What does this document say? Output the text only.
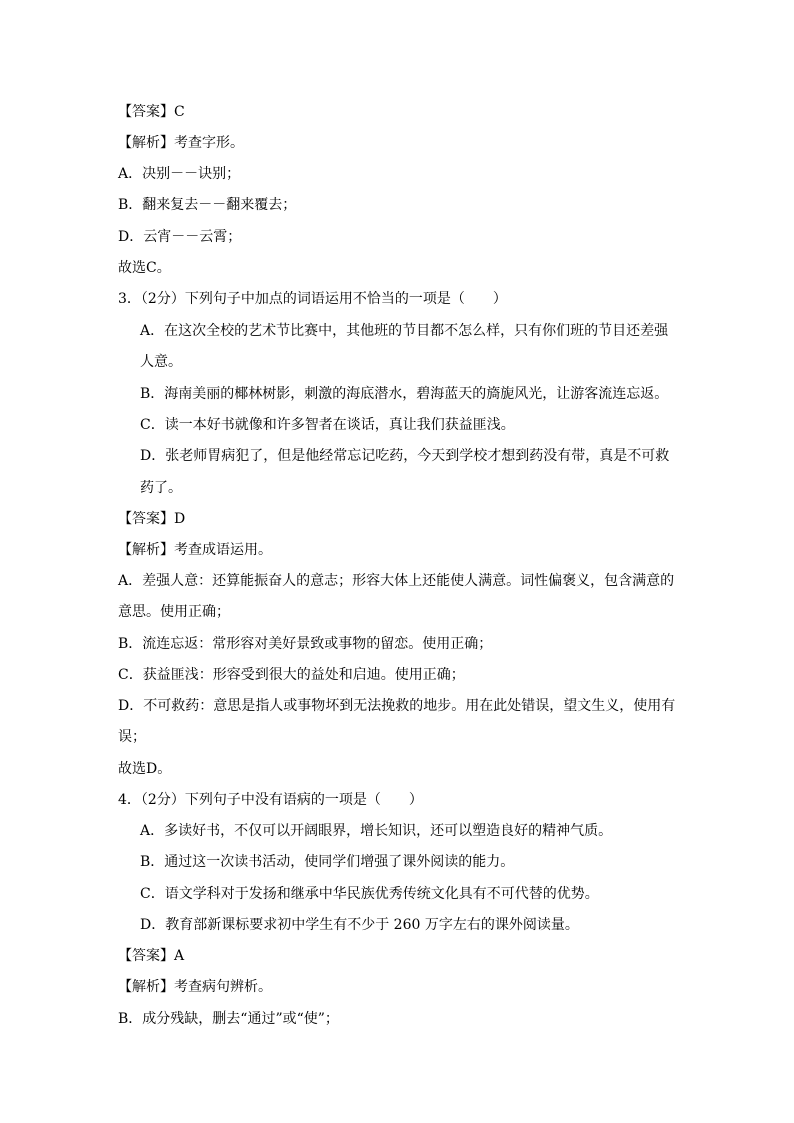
【答案】C
【解析】考查字形。
A．决别－－诀别；
B．翻来复去－－翻来覆去；
D．云宵－－云霄；
故选C。
3．（2分）下列句子中加点的词语运用不恰当的一项是（　　）
A．在这次全校的艺术节比赛中，其他班的节目都不怎么样，只有你们班的节目还差强
人意。
B．海南美丽的椰林树影，刺激的海底潜水，碧海蓝天的旖旎风光，让游客流连忘返。
C．读一本好书就像和许多智者在谈话，真让我们获益匪浅。
D．张老师胃病犯了，但是他经常忘记吃药，今天到学校才想到药没有带，真是不可救
药了。
【答案】D
【解析】考查成语运用。
A．差强人意：还算能振奋人的意志；形容大体上还能使人满意。词性偏褒义，包含满意的
意思。使用正确；
B．流连忘返：常形容对美好景致或事物的留恋。使用正确；
C．获益匪浅：形容受到很大的益处和启迪。使用正确；
D．不可救药：意思是指人或事物坏到无法挽救的地步。用在此处错误，望文生义，使用有
误；
故选D。
4．（2分）下列句子中没有语病的一项是（　　）
A．多读好书，不仅可以开阔眼界，增长知识，还可以塑造良好的精神气质。
B．通过这一次读书活动，使同学们增强了课外阅读的能力。
C．语文学科对于发扬和继承中华民族优秀传统文化具有不可代替的优势。
D．教育部新课标要求初中学生有不少于 260 万字左右的课外阅读量。
【答案】A
【解析】考查病句辨析。
B．成分残缺，删去“通过”或“使”；
